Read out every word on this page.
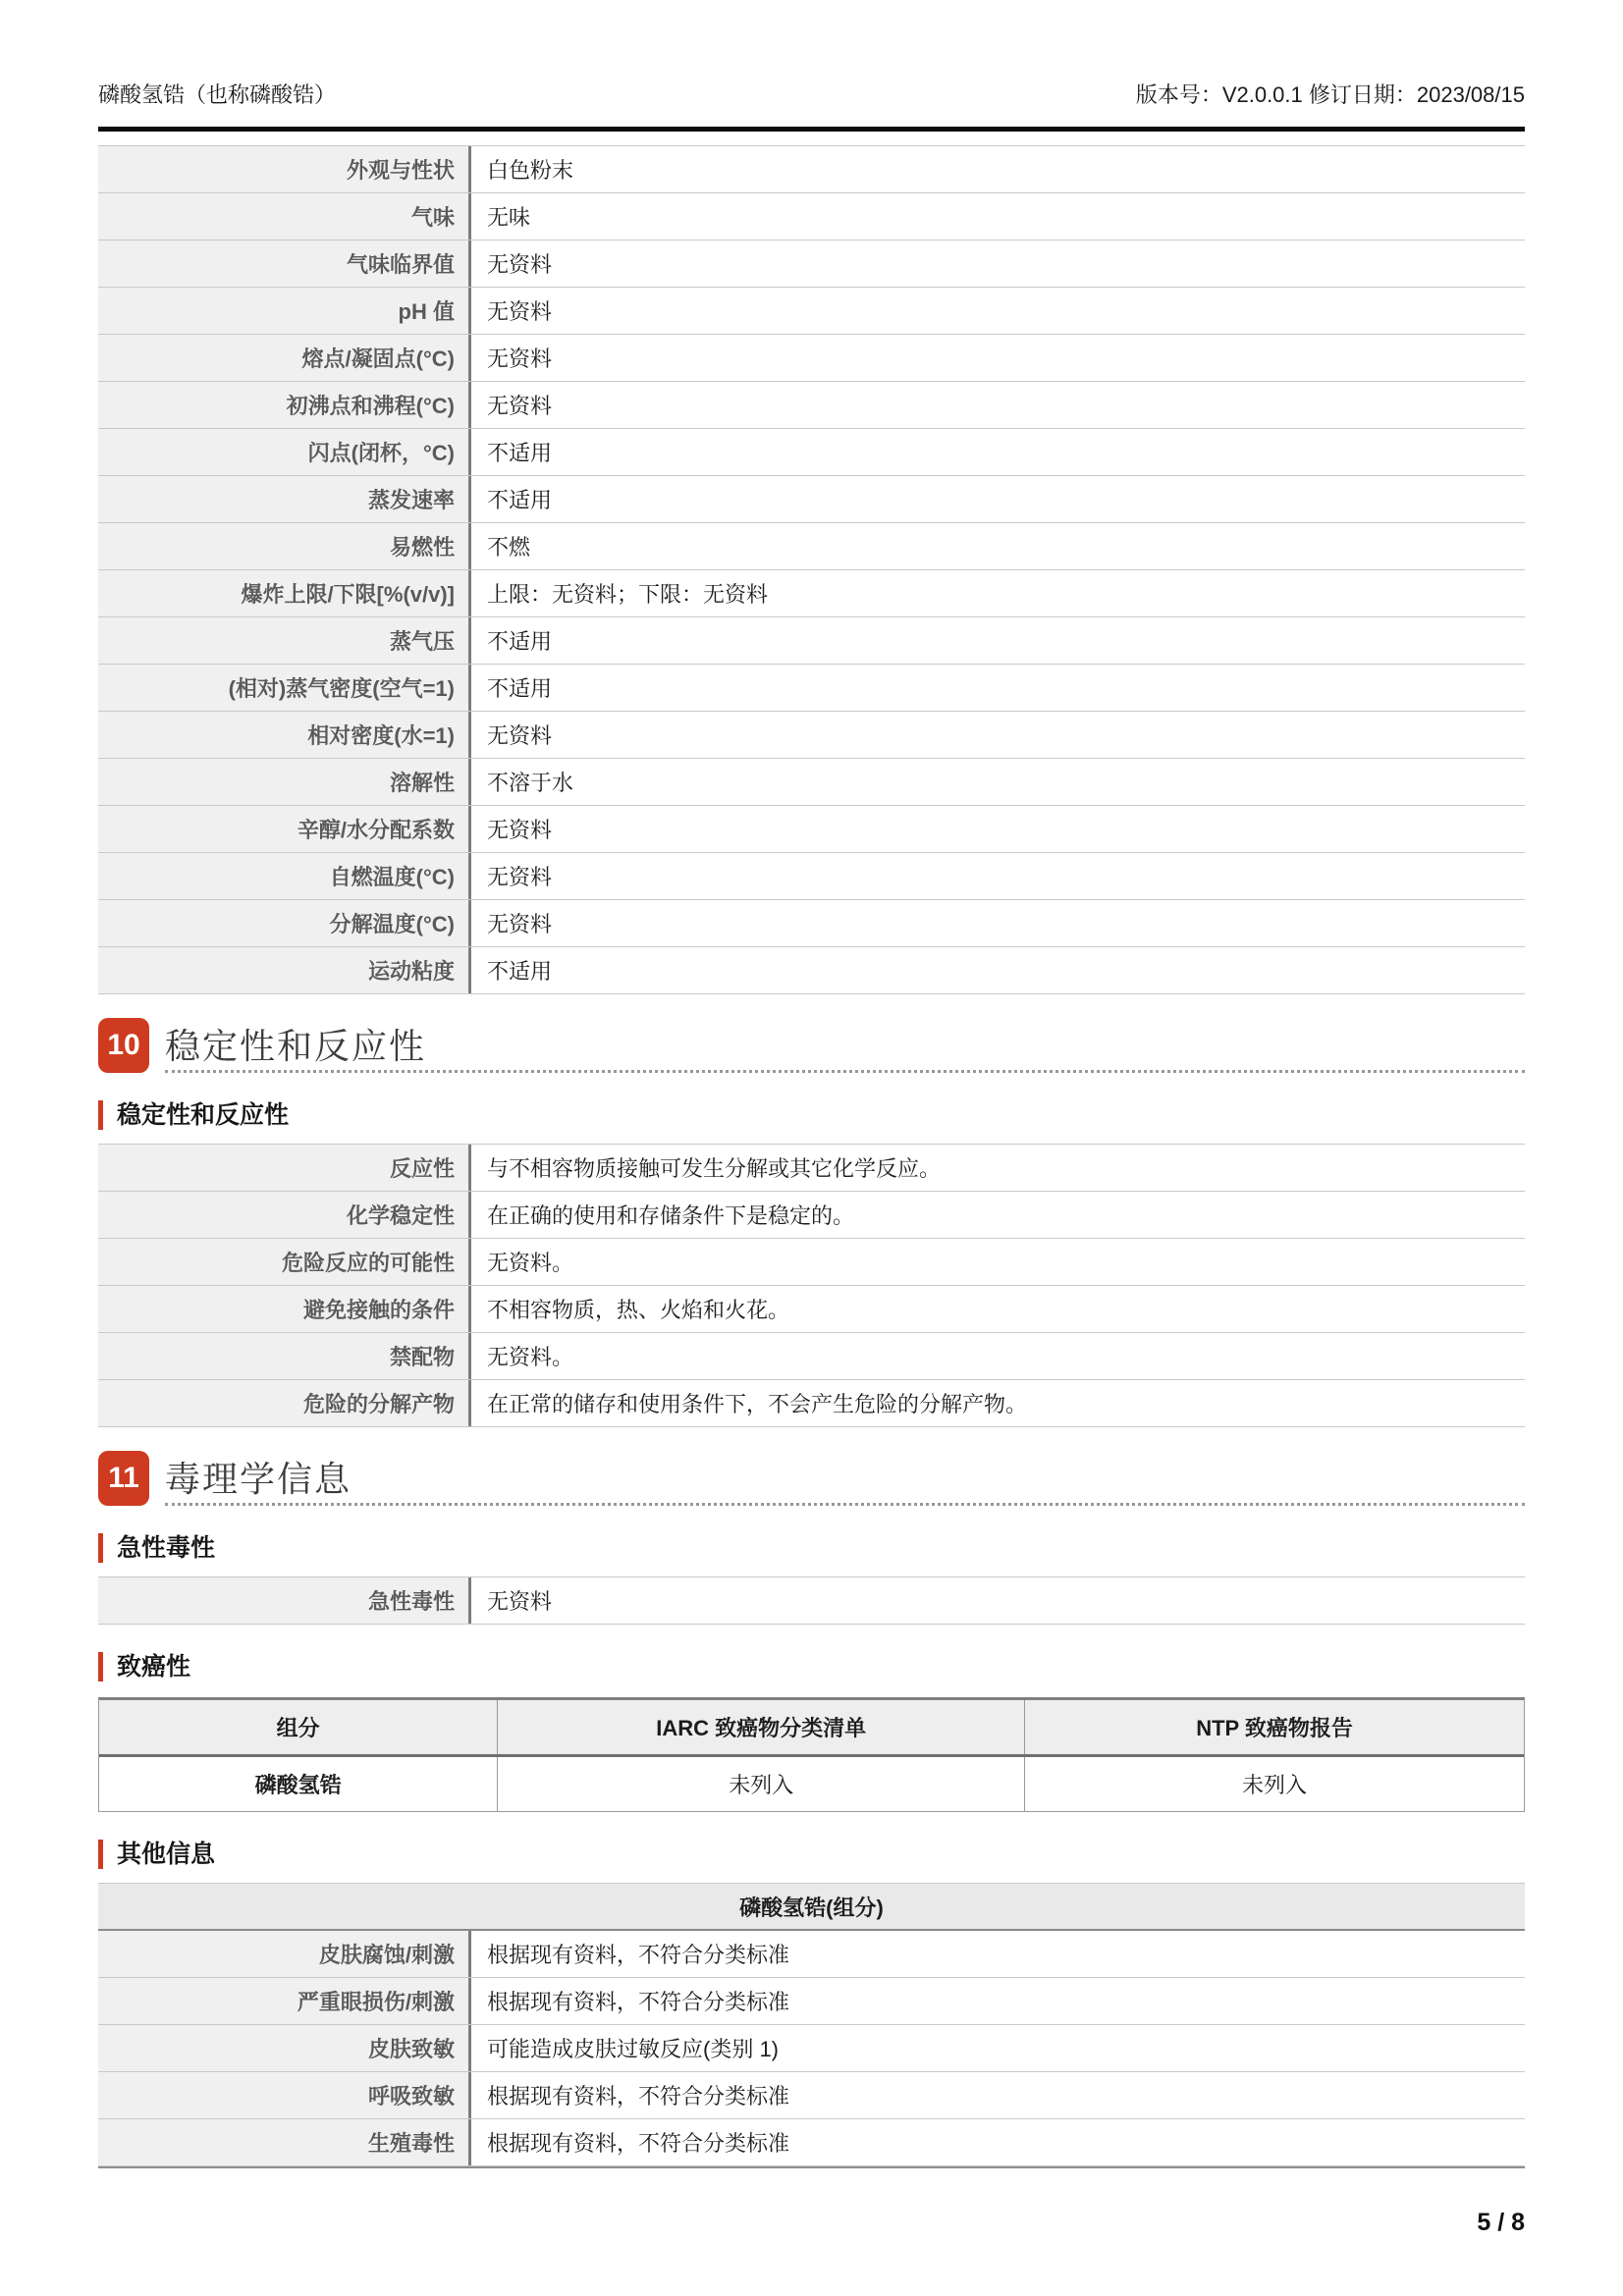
磷酸氢锆（也称磷酸锆）	版本号：V2.0.0.1 修订日期：2023/08/15
外观与性状	白色粉末
气味	无味
气味临界值	无资料
pH 值	无资料
熔点/凝固点(°C)	无资料
初沸点和沸程(°C)	无资料
闪点(闭杯，°C)	不适用
蒸发速率	不适用
易燃性	不燃
爆炸上限/下限[%(v/v)]	上限：无资料；下限：无资料
蒸气压	不适用
(相对)蒸气密度(空气=1)	不适用
相对密度(水=1)	无资料
溶解性	不溶于水
辛醇/水分配系数	无资料
自燃温度(°C)	无资料
分解温度(°C)	无资料
运动粘度	不适用
10 稳定性和反应性
稳定性和反应性
反应性	与不相容物质接触可发生分解或其它化学反应。
化学稳定性	在正确的使用和存储条件下是稳定的。
危险反应的可能性	无资料。
避免接触的条件	不相容物质，热、火焰和火花。
禁配物	无资料。
危险的分解产物	在正常的储存和使用条件下，不会产生危险的分解产物。
11 毒理学信息
急性毒性
急性毒性	无资料
致癌性
组分	IARC 致癌物分类清单	NTP 致癌物报告
磷酸氢锆	未列入	未列入
其他信息
磷酸氢锆(组分)
皮肤腐蚀/刺激	根据现有资料，不符合分类标准
严重眼损伤/刺激	根据现有资料，不符合分类标准
皮肤致敏	可能造成皮肤过敏反应(类别 1)
呼吸致敏	根据现有资料，不符合分类标准
生殖毒性	根据现有资料，不符合分类标准
5 / 8
